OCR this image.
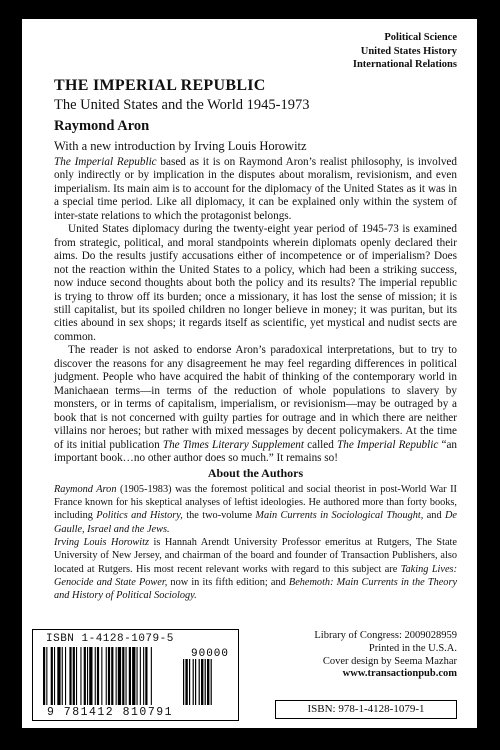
Political Science
United States History
International Relations
THE IMPERIAL REPUBLIC
The United States and the World 1945-1973
Raymond Aron
With a new introduction by Irving Louis Horowitz

The Imperial Republic based as it is on Raymond Aron’s realist philosophy, is involved only indirectly or by implication in the disputes about moralism, revisionism, and even imperialism. Its main aim is to account for the diplomacy of the United States as it was in a special time period. Like all diplomacy, it can be explained only within the system of inter-state relations to which the protagonist belongs.

United States diplomacy during the twenty-eight year period of 1945-73 is examined from strategic, political, and moral standpoints wherein diplomats openly declared their aims. Do the results justify accusations either of incompetence or of imperialism? Does not the reaction within the United States to a policy, which had been a striking success, now induce second thoughts about both the policy and its results? The imperial republic is trying to throw off its burden; once a missionary, it has lost the sense of mission; it is still capitalist, but its spoiled children no longer believe in money; it was puritan, but its cities abound in sex shops; it regards itself as scientific, yet mystical and nudist sects are common.

The reader is not asked to endorse Aron’s paradoxical interpretations, but to try to discover the reasons for any disagreement he may feel regarding differences in political judgment. People who have acquired the habit of thinking of the contemporary world in Manichaean terms—in terms of the reduction of whole populations to slavery by monsters, or in terms of capitalism, imperialism, or revisionism—may be outraged by a book that is not concerned with guilty parties for outrage and in which there are neither villains nor heroes; but rather with mixed messages by decent policymakers. At the time of its initial publication The Times Literary Supplement called The Imperial Republic “an important book…no other author does so much.” It remains so!

About the Authors

Raymond Aron (1905-1983) was the foremost political and social theorist in post-World War II France known for his skeptical analyses of leftist ideologies. He authored more than forty books, including Politics and History, the two-volume Main Currents in Sociological Thought, and De Gaulle, Israel and the Jews.

Irving Louis Horowitz is Hannah Arendt University Professor emeritus at Rutgers, The State University of New Jersey, and chairman of the board and founder of Transaction Publishers, also located at Rutgers. His most recent relevant works with regard to this subject are Taking Lives: Genocide and State Power, now in its fifth edition; and Behemoth: Main Currents in the Theory and History of Political Sociology.

ISBN 1-4128-1079-5
90000
9 781412 810791
Library of Congress: 2009028959
Printed in the U.S.A.
Cover design by Seema Mazhar
www.transactionpub.com
ISBN: 978-1-4128-1079-1
